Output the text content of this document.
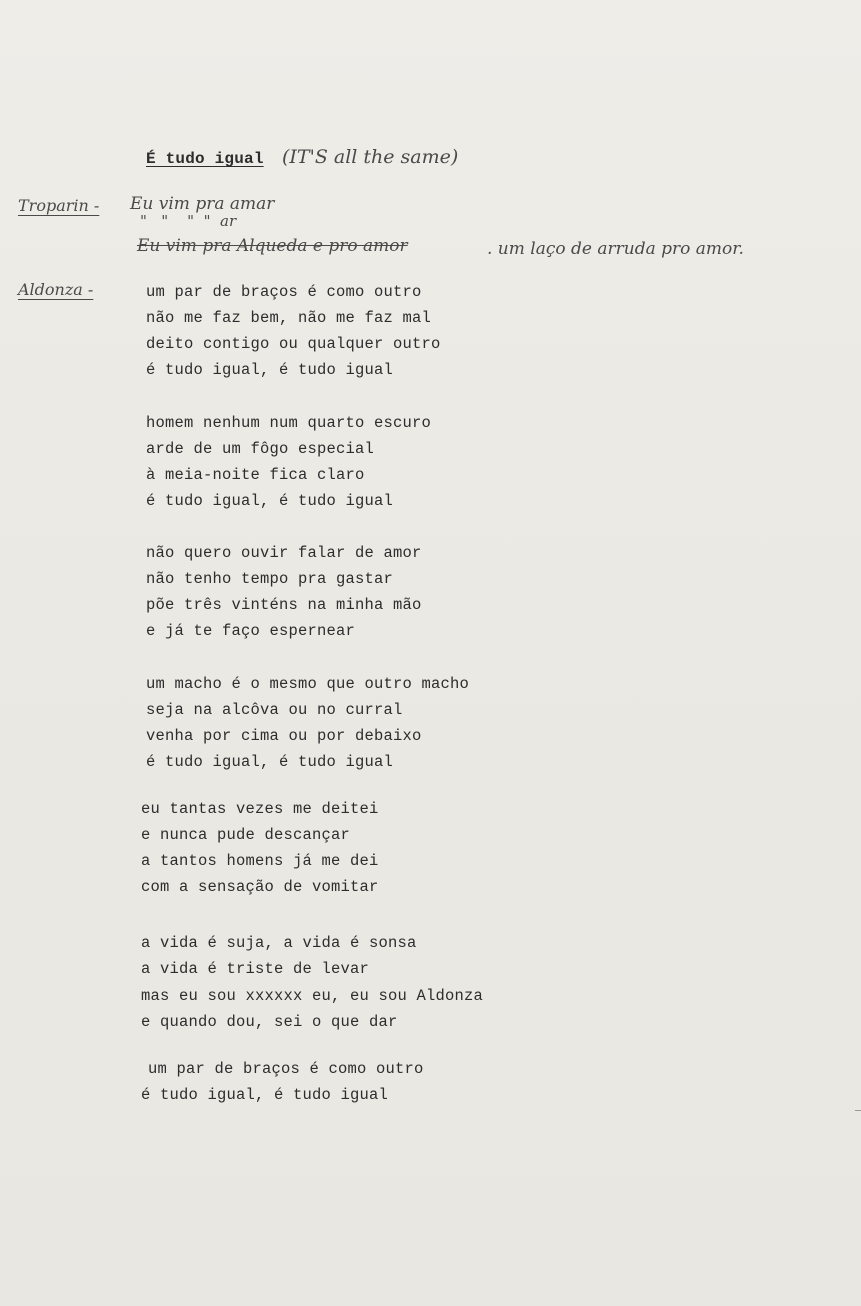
É tudo igual (IT'S all the same)
Troparin - Eu vim pra amar
"   "    "  "  ar
Eu vim pra Alqueda e pro amor	. um laço de arruda pro amor.
Aldonza -	um par de braços é como outro
não me faz bem, não me faz mal
deito contigo ou qualquer outro
é tudo igual, é tudo igual
homem nenhum num quarto escuro
arde de um fôgo especial
à meia-noite fica claro
é tudo igual, é tudo igual
não quero ouvir falar de amor
não tenho tempo pra gastar
põe três vinténs na minha mão
e já te faço espernear
um macho é o mesmo que outro macho
seja na alcôva ou no curral
venha por cima ou por debaixo
é tudo igual, é tudo igual
eu tantas vezes me deitei
e nunca pude descançar
a tantos homens já me dei
com a sensação de vomitar
a vida é suja, a vida é sonsa
a vida é triste de levar
mas eu sou xxxxxx eu, eu sou Aldonza
e quando dou, sei o que dar
um par de braços é como outro
é tudo igual, é tudo igual
